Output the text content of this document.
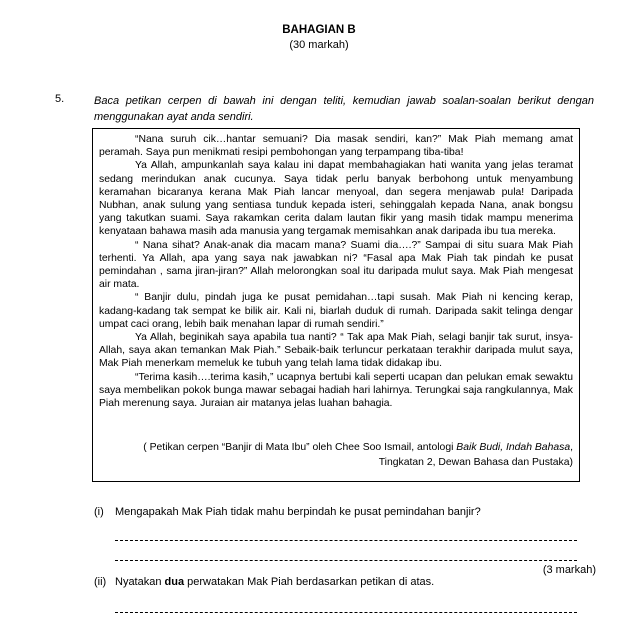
BAHAGIAN B
(30 markah)
5.	Baca petikan cerpen di bawah ini dengan teliti, kemudian jawab soalan-soalan berikut dengan menggunakan ayat anda sendiri.

“Nana suruh cik…hantar semuani? Dia masak sendiri, kan?” Mak Piah memang amat peramah. Saya pun menikmati resipi pembohongan yang terpampang tiba-tiba!

Ya Allah, ampunkanlah saya kalau ini dapat membahagiakan hati wanita yang jelas teramat sedang merindukan anak cucunya. Saya tidak perlu banyak berbohong untuk menyambung keramahan bicaranya kerana Mak Piah lancar menyoal, dan segera menjawab pula! Daripada Nubhan, anak sulung yang sentiasa tunduk kepada isteri, sehinggalah kepada Nana, anak bongsu yang takutkan suami. Saya rakamkan cerita dalam lautan fikir yang masih tidak mampu menerima kenyataan bahawa masih ada manusia yang tergamak memisahkan anak daripada ibu tua mereka.

“ Nana sihat? Anak-anak dia macam mana? Suami dia….?” Sampai di situ suara Mak Piah terhenti. Ya Allah, apa yang saya nak jawabkan ni? “Fasal apa Mak Piah tak pindah ke pusat pemindahan , sama jiran-jiran?” Allah melorongkan soal itu daripada mulut saya. Mak Piah mengesat air mata.

“ Banjir dulu, pindah juga ke pusat pemidahan…tapi susah. Mak Piah ni kencing kerap, kadang-kadang tak sempat ke bilik air. Kali ni, biarlah duduk di rumah. Daripada sakit telinga dengar umpat caci orang, lebih baik menahan lapar di rumah sendiri.”

Ya Allah, beginikah saya apabila tua nanti? “ Tak apa Mak Piah, selagi banjir tak surut, insya-Allah, saya akan temankan Mak Piah.” Sebaik-baik terluncur perkataan terakhir daripada mulut saya, Mak Piah menerkam memeluk ke tubuh yang telah lama tidak didakap ibu.

“Terima kasih….terima kasih,” ucapnya bertubi kali seperti ucapan dan pelukan emak sewaktu saya membelikan pokok bunga mawar sebagai hadiah hari lahirnya. Terungkai saja rangkulannya, Mak Piah merenung saya. Juraian air matanya jelas luahan bahagia.

( Petikan cerpen “Banjir di Mata Ibu” oleh Chee Soo Ismail, antologi Baik Budi, Indah Bahasa, Tingkatan 2, Dewan Bahasa dan Pustaka)
(i) Mengapakah Mak Piah tidak mahu berpindah ke pusat pemindahan banjir?
(3 markah)
(ii) Nyatakan dua perwatakan Mak Piah berdasarkan petikan di atas.
